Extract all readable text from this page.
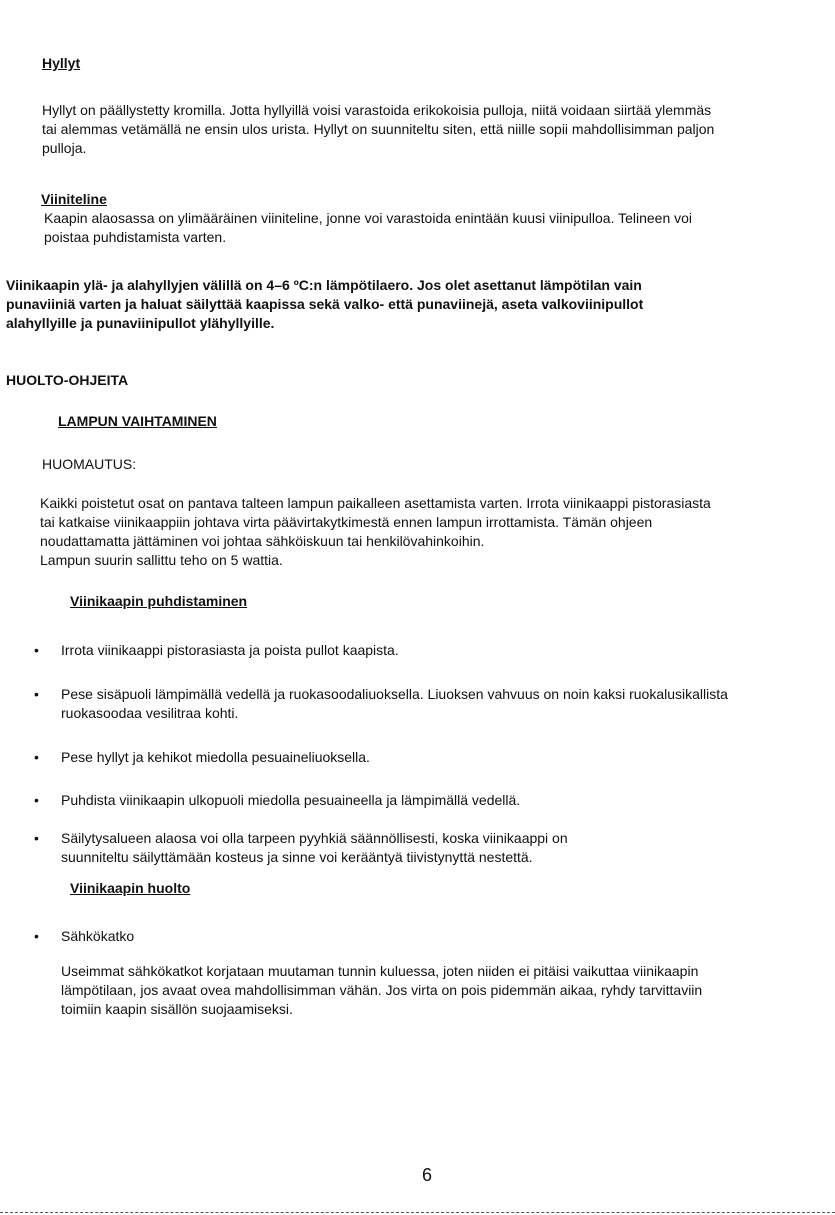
Hyllyt
Hyllyt on päällystetty kromilla. Jotta hyllyillä voisi varastoida erikokoisia pulloja, niitä voidaan siirtää ylemmäs
tai alemmas vetämällä ne ensin ulos urista. Hyllyt on suunniteltu siten, että niille sopii mahdollisimman paljon
pulloja.
Viiniteline
Kaapin alaosassa on ylimääräinen viiniteline, jonne voi varastoida enintään kuusi viinipulloa. Telineen voi
poistaa puhdistamista varten.
Viinikaapin ylä- ja alahyllyjen välillä on 4–6 ºC:n lämpötilaero. Jos olet asettanut lämpötilan vain
punaviiniä varten ja haluat säilyttää kaapissa sekä valko- että punaviinejä, aseta valkoviinipullot
alahyllyille ja punaviinipullot ylähyllyille.
HUOLTO-OHJEITA
LAMPUN VAIHTAMINEN
HUOMAUTUS:
Kaikki poistetut osat on pantava talteen lampun paikalleen asettamista varten. Irrota viinikaappi pistorasiasta
tai katkaise viinikaappiin johtava virta päävirtakytkimestä ennen lampun irrottamista. Tämän ohjeen
noudattamatta jättäminen voi johtaa sähköiskuun tai henkilövahinkoihin.
Lampun suurin sallittu teho on 5 wattia.
Viinikaapin puhdistaminen
• Irrota viinikaappi pistorasiasta ja poista pullot kaapista.
• Pese sisäpuoli lämpimällä vedellä ja ruokasoodaliuoksella. Liuoksen vahvuus on noin kaksi ruokalusikallista
ruokasoodaa vesilitraa kohti.
• Pese hyllyt ja kehikot miedolla pesuaineliuoksella.
• Puhdista viinikaapin ulkopuoli miedolla pesuaineella ja lämpimällä vedellä.
• Säilytysalueen alaosa voi olla tarpeen pyyhkiä säännöllisesti, koska viinikaappi on
suunniteltu säilyttämään kosteus ja sinne voi kerääntyä tiivistynyttä nestettä.
Viinikaapin huolto
• Sähkökatko
Useimmat sähkökatkot korjataan muutaman tunnin kuluessa, joten niiden ei pitäisi vaikuttaa viinikaapin
lämpötilaan, jos avaat ovea mahdollisimman vähän. Jos virta on pois pidemmän aikaa, ryhdy tarvittaviin
toimiin kaapin sisällön suojaamiseksi.
6
